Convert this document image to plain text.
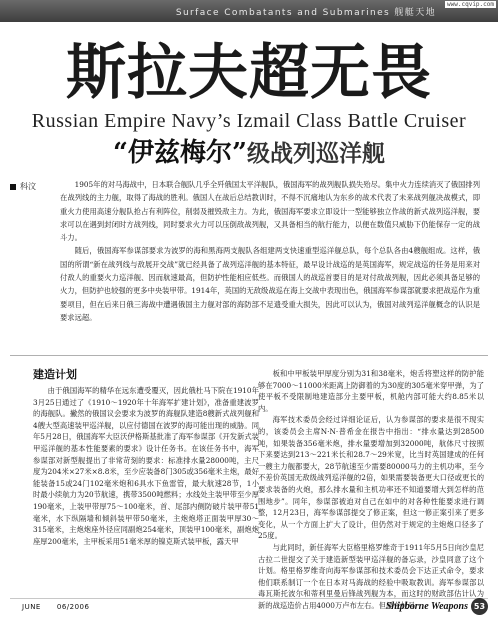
Surface Combatants and Submarines 舰艇天地
www.cqvip.com
斯拉夫超无畏
Russian Empire Navy’s Izmail Class Battle Cruiser
“伊兹梅尔”级战列巡洋舰
科汶	1905年的对马海战中，日本联合舰队几乎全歼俄国太平洋舰队，俄国海军的战列舰队损失殆尽。集中火力连续消灭了俄国排列在战列线的主力舰，取得了海战的胜利。俄国人在战后总结教训时，不得不沉痛地认为东乡的战术代表了未来战列舰决战模式，即重火力使用高速分舰队抢占有利阵位，削弱及摧毁敌主力。为此，俄国海军要求立即设计一型能够独立作战的新式战列巡洋舰，要求可以在遇到封闭时方战列线，同时要求火力可以压倒敌战列舰，又具备相当的航行能力，以便在数值只威胁下仍能保存一定的战斗力。

随后，俄国海军参谋部要求为波罗的海和黑海两支舰队各组建两支快速重型巡洋舰总队，每个总队各由4艘舰组成。这样，俄国的所谓“新在战列线与敌展开交战”就已经具备了战列巡洋舰的基本特征，最早设计战巡的是英国海军，规定战巡的任务是用来对付敌人的重要火力巡洋舰、因而航速最高，但防护性能相应低些。而俄国人的战巡首要目的是对付敌战列舰，因此必须具备足够的火力，但防护也较强的更多中央装甲带。1914年，英国的无敌级战巡在海上交战中表现出色，俄国海军参谋部就要求把战巡作为重要项目，但在后来日俄三海战中遭遇俄国主力舰对部的海防部不足遗受重大损失，因此可以认为，俄国对战列巡洋舰概念的认识是要求远超。

建造计划

由于俄国海军的精华在远东遭受覆灭，因此俄杜马下院在1910年3月25日通过了《1910～1920年十年海军扩建计划》，准备重建波罗的海舰队。撇然的俄国议会要求为波罗的海舰队建造8艘新式战列舰和4艘大型高速装甲巡洋舰，以应付德国在波罗的海可能出现的威胁。同年5月28日，俄国海军大臣沃伊格斯基批准了海军参谋部《开发新式装甲巡洋舰的基本性能要素的要求》设计任务书。在该任务书中，海军参谋部对新型舰提出了非常苛刻的要求：标准排水量28000吨，主尺度为204米×27米×8.8米，至少应装备8门305或356毫米主炮，最好能装备15或24门102毫米炮和6具水下鱼雷管，最大航速28节，1小时最小续航力为20节航速，携带3500吨燃料；水线处主装甲带至少厚190毫米，上装甲带厚75～100毫米，首、尾部内侧防破片装甲带51毫米，水下纵隔墙和倾斜装甲带50毫米，主炮炮塔正面装甲厚30～315毫米，主炮炮座外径应同副炮254毫米，顶装甲100毫米，副炮炮座厚200毫米，主甲板采用51毫米厚的镍克斯式装甲板，露天甲

板和中甲板装甲厚度分别为31和38毫米，炮舌将塑这样的防护能够在7000～11000米距离上防御着的为30度的305毫米穿甲弹，为了使平板不受限制地建造部分主要甲板，机舱内部可能大约8.85米以内。

海军技术委员会经过详细论证后，认为参谋部的要求是很不现实的，该委员会主席N·N·普希金在报告中指出：“排水量达到28500吨，如果装备356毫米炮，排水量要增加到32000吨，航体尺寸按照下来要达到213～221米长和28.7～29米宽，比当时英国建成的任何一艘主力舰都要大，28节航速至少需要80000马力的主机功率，至今不差价英国无敌级战列巡洋舰的2倍，如果需要装备更大口径或更长的要求装备的火炮，那么排水量和主机功率还不知道要增大到怎样的范围地步”。同年，参谋部被迫对自己在如中的对各种性能要求进行调整，12月23日，海军参谋部提交了修正案，但这一修正案引来了更多变化，从一个方面上扩大了设计，但仍然对于规定的主炮炮口径多了25度。

与此同时，新任海军大臣格里格罗维奇于1911年5月5日向沙皇尼古拉二世提交了关于建造新型装甲巡洋舰的备忘录，沙皇同意了这个计划。格里格罗维奇向海军参谋部和技术委员会下达正式命令，要求他们联系制订一个在日本对马海战的经验中吸取教训。海军参谋部以毒瓦斯托波尔和蒂利里曼后锋战列舰为本，而这时的财政部估计认为新的战巡造价占用4000万卢布左右。但是在杜马

JUNE 06/2006	Shipborne Weapons 53
